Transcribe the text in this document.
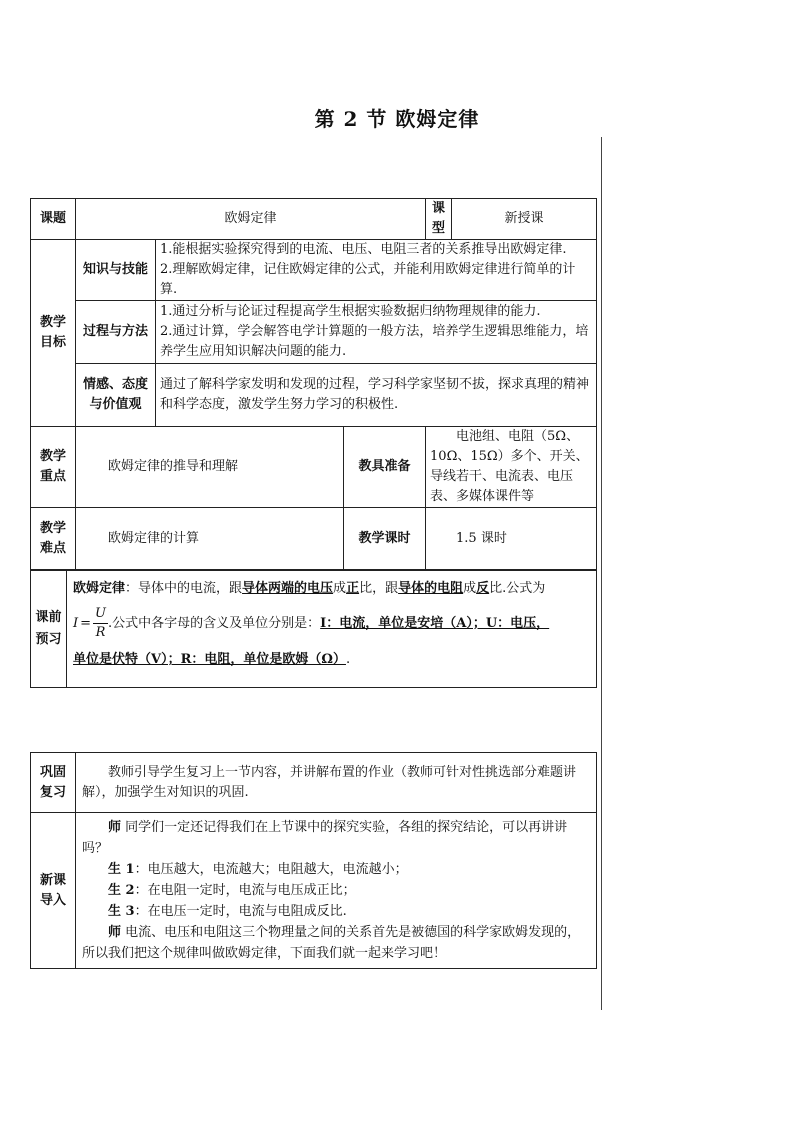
第 2 节 欧姆定律
课题	欧姆定律			课型	新授课
教学目标	知识与技能	1.能根据实验探究得到的电流、电压、电阻三者的关系推导出欧姆定律.
2.理解欧姆定律，记住欧姆定律的公式，并能利用欧姆定律进行简单的计算.			

	过程与方法	1.通过分析与论证过程提高学生根据实验数据归纳物理规律的能力.
2.通过计算，学会解答电学计算题的一般方法，培养学生逻辑思维能力，培养学生应用知识解决问题的能力.			

	情感、态度与价值观	通过了解科学家发明和发现的过程，学习科学家坚韧不拔，探求真理的精神和科学态度，激发学生努力学习的积极性.			

教学重点	欧姆定律的推导和理解		教具准备	电池组、电阻（5Ω、10Ω、15Ω）多个、开关、导线若干、电流表、电压表、多媒体课件等	
教学难点	欧姆定律的计算		教学课时	1.5 课时	
课前预习	
欧姆定律：导体中的电流，跟导体两端的电压成正比，跟导体的电阻成反比.公式为
$I = \frac{U}{R}$ .公式中各字母的含义及单位分别是： I：电流，单位是安培（A）；U：电压，
单位是伏特（V）；R：电阻，单位是欧姆（Ω）.
巩固复习	教师引导学生复习上一节内容，并讲解布置的作业（教师可针对性挑选部分难题讲解），加强学生对知识的巩固.
新课导入	师 同学们一定还记得我们在上节课中的探究实验，各组的探究结论，可以再讲讲吗？
生 1：电压越大，电流越大；电阻越大，电流越小；
生 2：在电阻一定时，电流与电压成正比；
生 3：在电压一定时，电流与电阻成反比.
师 电流、电压和电阻这三个物理量之间的关系首先是被德国的科学家欧姆发现的，所以我们把这个规律叫做欧姆定律，下面我们就一起来学习吧！
